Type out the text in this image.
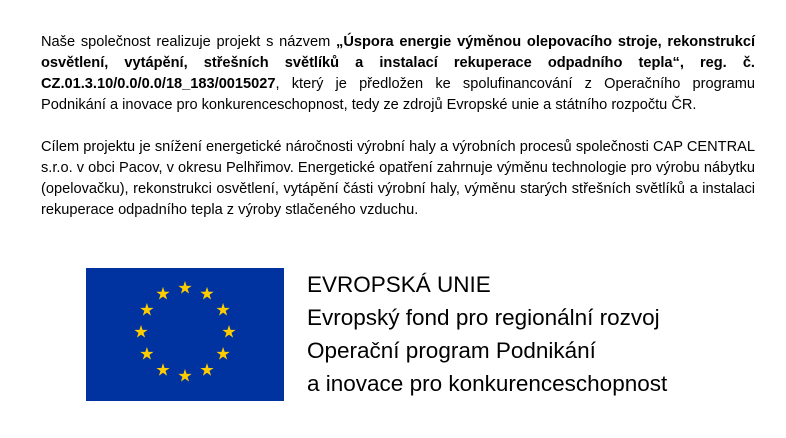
Naše společnost realizuje projekt s názvem „Úspora energie výměnou olepovacího stroje, rekonstrukcí osvětlení, vytápění, střešních světlíků a instalací rekuperace odpadního tepla“, reg. č. CZ.01.3.10/0.0/0.0/18_183/0015027, který je předložen ke spolufinancování z Operačního programu Podnikání a inovace pro konkurenceschopnost, tedy ze zdrojů Evropské unie a státního rozpočtu ČR.
Cílem projektu je snížení energetické náročnosti výrobní haly a výrobních procesů společnosti CAP CENTRAL s.r.o. v obci Pacov, v okresu Pelhřimov. Energetické opatření zahrnuje výměnu technologie pro výrobu nábytku (opelovačku), rekonstrukci osvětlení, vytápění části výrobní haly, výměnu starých střešních světlíků a instalaci rekuperace odpadního tepla z výroby stlačeného vzduchu.
EVROPSKÁ UNIE
Evropský fond pro regionální rozvoj
Operační program Podnikání
a inovace pro konkurenceschopnost
